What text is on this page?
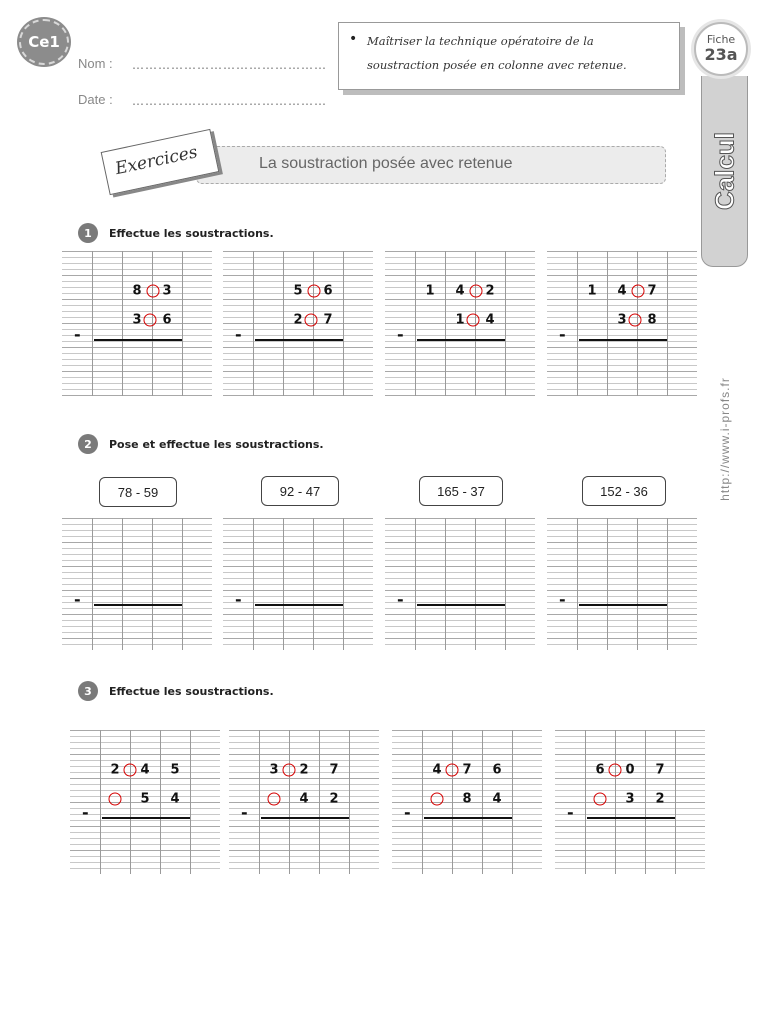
Ce1
Nom : ………………………………………
Date : ………………………………………
• Maîtriser la technique opératoire de la soustraction posée en colonne avec retenue.
Calcul
Fiche
23a
http://www.i-profs.fr
La soustraction posée avec retenue
Exercices
1	Effectue les soustractions.
2	Pose et effectue les soustractions.
3	Effectue les soustractions.
78 - 59	92 - 47	165 - 37	152 - 36
-
8 3
3 6
-
5 6
2 7
-
1 4 2
1 4
-
1 4 7
3 8
-	-	-	-
-
2 4 5
5 4
-
3 2 7
4 2
-
4 7 6
8 4
-
6 0 7
3 2
